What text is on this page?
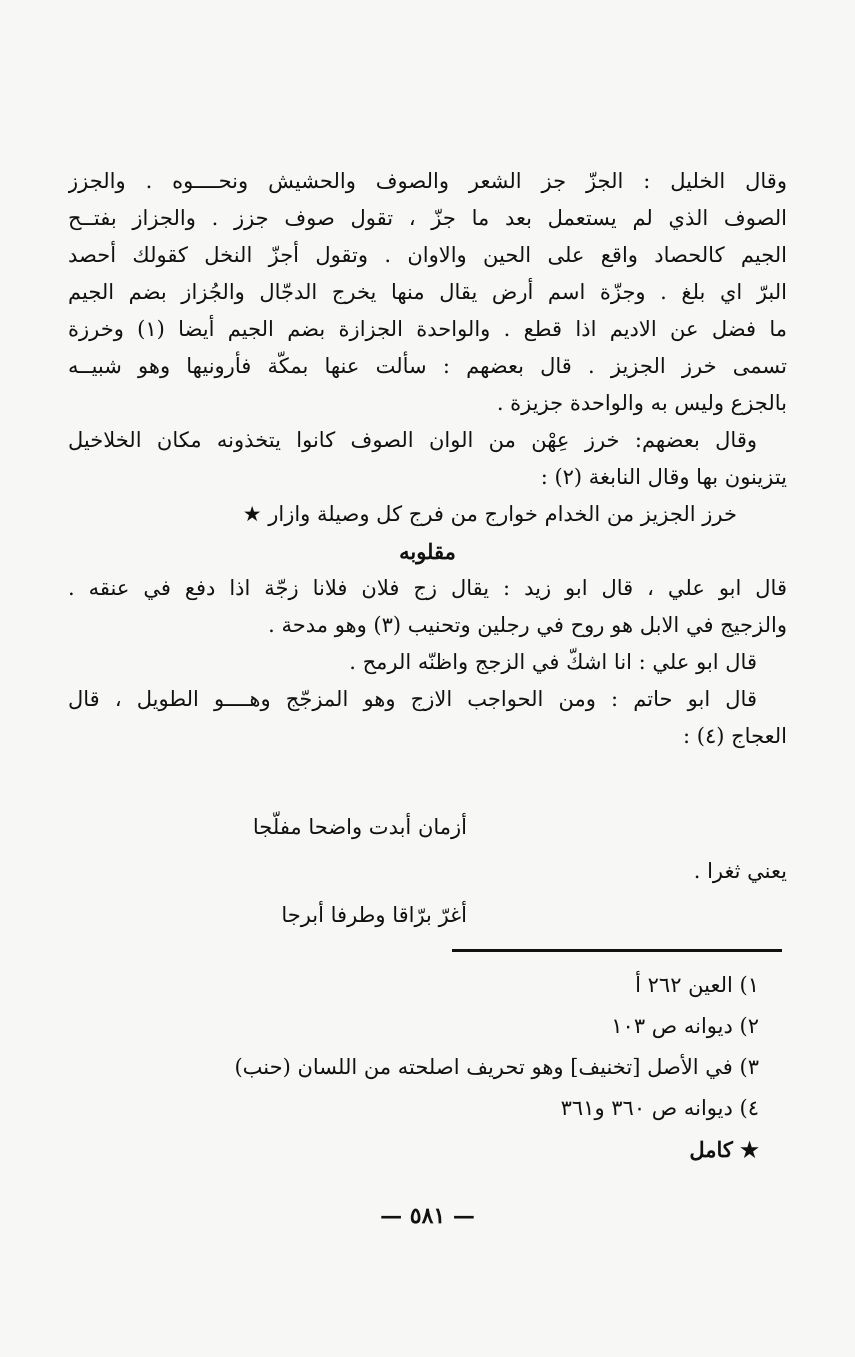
وقال الخليل : الجزّ جز الشعر والصوف والحشيش ونحــــوه . والجزز
الصوف الذي لم يستعمل بعد ما جزّ ، تقول صوف جزز . والجزاز بفتــح
الجيم كالحصاد واقع على الحين والاوان . وتقول أجزّ النخل كقولك أحصد
البرّ اي بلغ . وجزّة اسم أرض يقال منها يخرج الدجّال والجُزاز بضم الجيم
ما فضل عن الاديم اذا قطع . والواحدة الجزازة بضم الجيم أيضا (١) وخرزة
تسمى خرز الجزيز . قال بعضهم : سألت عنها بمكّة فأرونيها وهو شبيــه
بالجزع وليس به والواحدة جزيزة .
وقال بعضهم: خرز عِهْن من الوان الصوف كانوا يتخذونه مكان الخلاخيل
يتزينون بها وقال النابغة (٢) :
خرز الجزيز من الخدام خوارج من فرج كل وصيلة وازار ★
مقلوبه
قال ابو علي ، قال ابو زيد : يقال زج فلان فلانا زجّة اذا دفع في عنقه .
والزجيج في الابل هو روح في رجلين وتحنيب (٣) وهو مدحة .
قال ابو علي : انا اشكّ في الزجج واظنّه الرمح .
قال ابو حاتم : ومن الحواجب الازج وهو المزجّج وهــــو الطويل ، قال
العجاج (٤) :
أزمان أبدت واضحا مفلّجا
يعني ثغرا .
أغرّ برّاقا وطرفا أبرجا
١) العين ٢٦٢ أ
٢) ديوانه ص ١٠٣
٣) في الأصل [تخنيف] وهو تحريف اصلحته من اللسان (حنب)
٤) ديوانه ص ٣٦٠ و٣٦١
★ كامل
— ٥٨١ —
